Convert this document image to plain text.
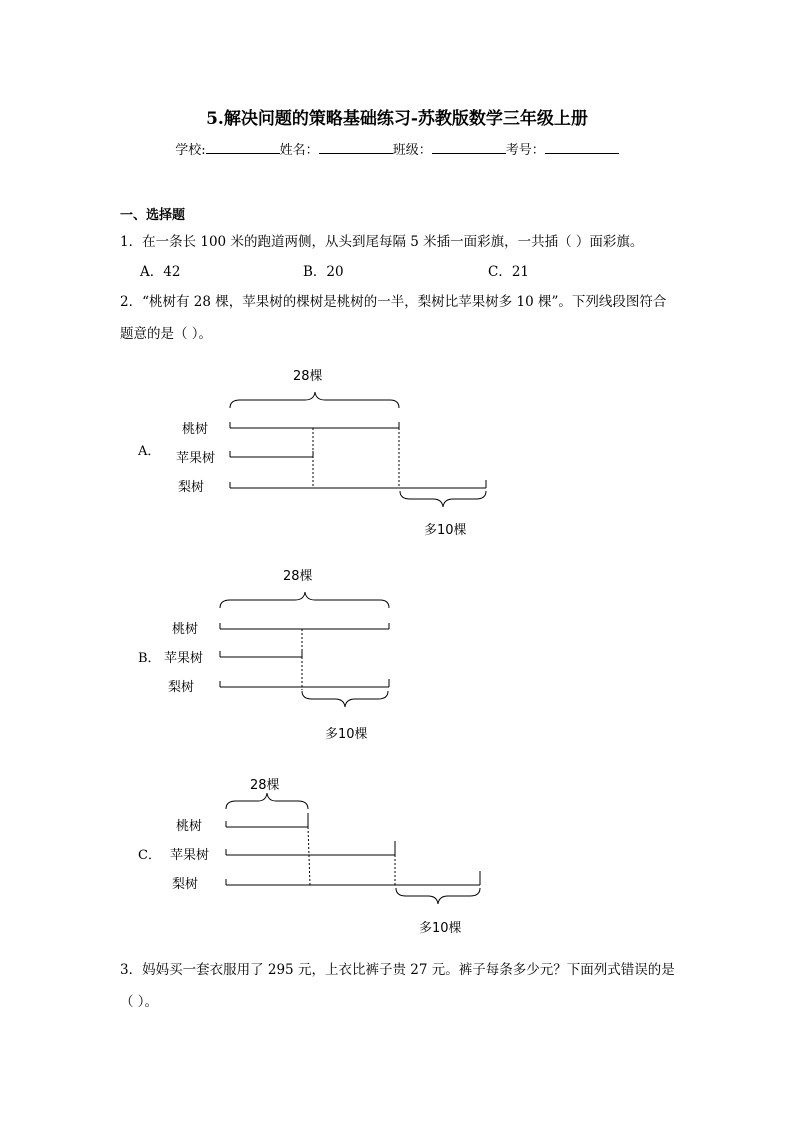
5.解决问题的策略基础练习-苏教版数学三年级上册
学校:	姓名：	班级：	考号：
一、选择题
1．在一条长 100 米的跑道两侧，从头到尾每隔 5 米插一面彩旗，一共插（ ）面彩旗。
A．42	B．20	C．21
2．“桃树有 28 棵，苹果树的棵树是桃树的一半，梨树比苹果树多 10 棵”。下列线段图符合
题意的是（ ）。
28棵
A．
桃树
苹果树
梨树
多10棵
28棵
桃树
B． 苹果树
梨树
多10棵
28棵
桃树
C． 苹果树
梨树
多10棵
3．妈妈买一套衣服用了 295 元，上衣比裤子贵 27 元。裤子每条多少元？下面列式错误的是
（ ）。
